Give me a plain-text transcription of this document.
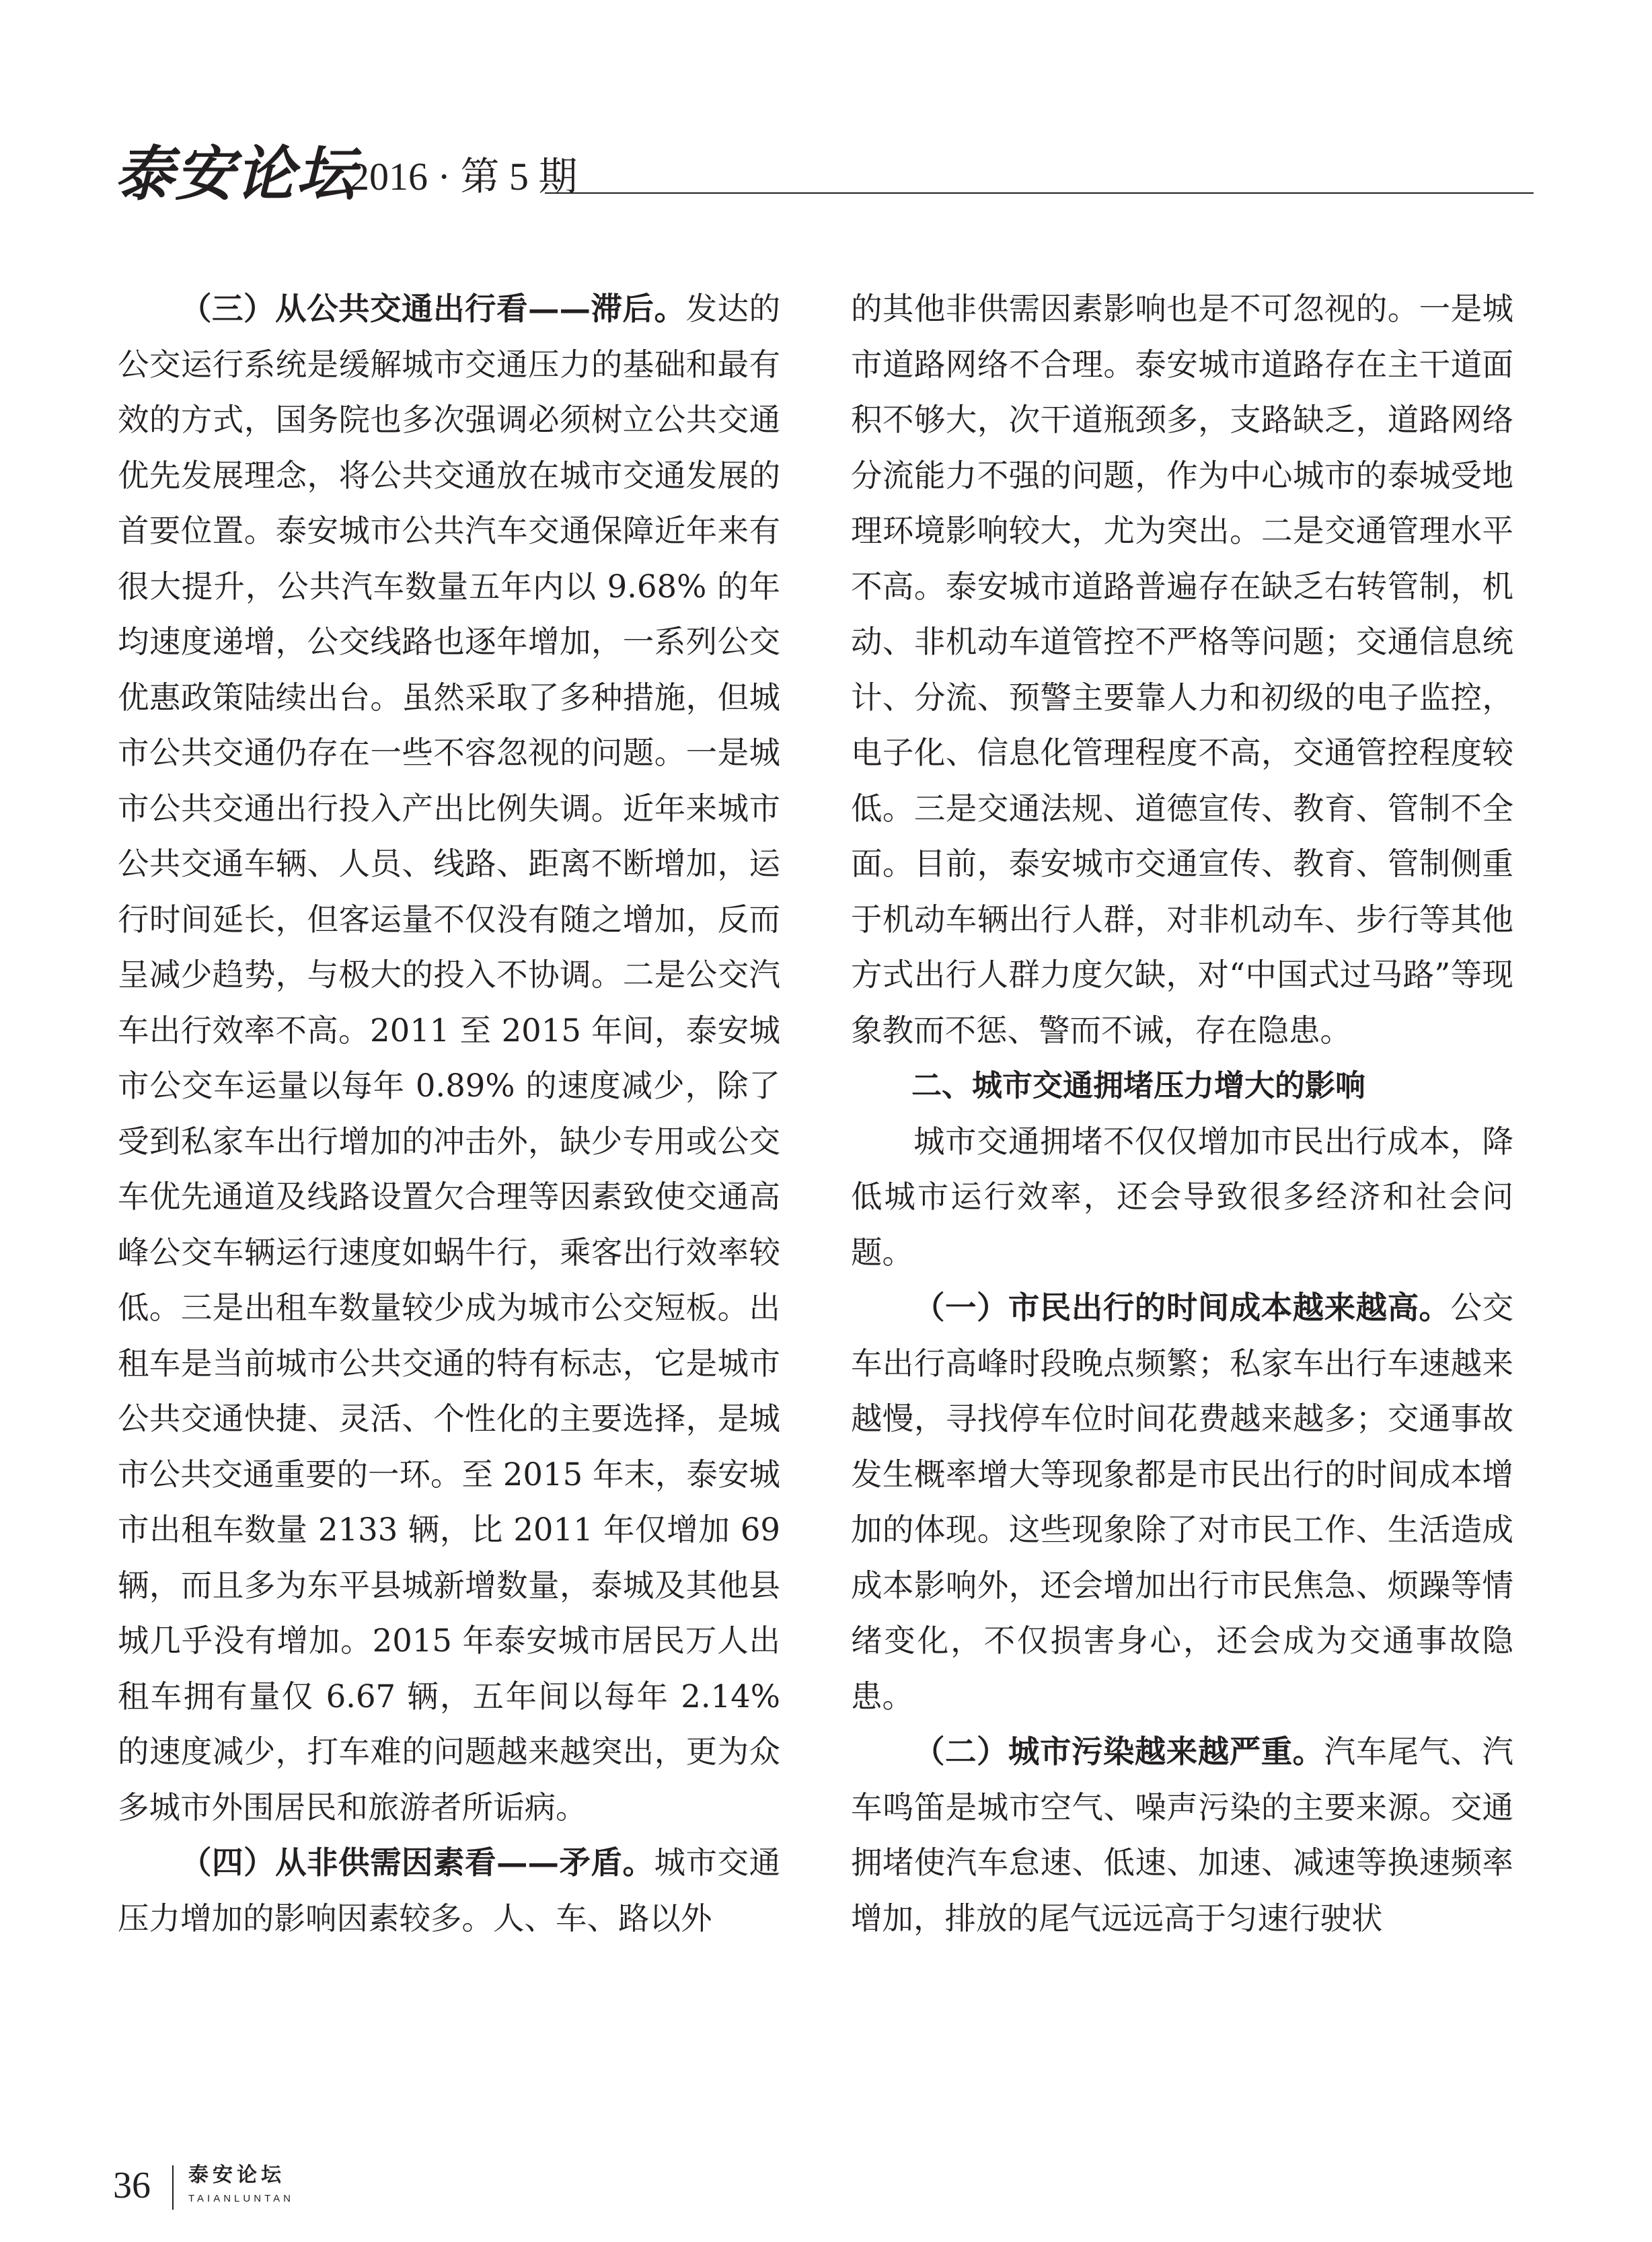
泰安论坛
2016 · 第 5 期

（三）从公共交通出行看——滞后。发达的公交运行系统是缓解城市交通压力的基础和最有效的方式，国务院也多次强调必须树立公共交通优先发展理念，将公共交通放在城市交通发展的首要位置。泰安城市公共汽车交通保障近年来有很大提升，公共汽车数量五年内以 9.68% 的年均速度递增，公交线路也逐年增加，一系列公交优惠政策陆续出台。虽然采取了多种措施，但城市公共交通仍存在一些不容忽视的问题。一是城市公共交通出行投入产出比例失调。近年来城市公共交通车辆、人员、线路、距离不断增加，运行时间延长，但客运量不仅没有随之增加，反而呈减少趋势，与极大的投入不协调。二是公交汽车出行效率不高。2011 至 2015 年间，泰安城市公交车运量以每年 0.89% 的速度减少，除了受到私家车出行增加的冲击外，缺少专用或公交车优先通道及线路设置欠合理等因素致使交通高峰公交车辆运行速度如蜗牛行，乘客出行效率较低。三是出租车数量较少成为城市公交短板。出租车是当前城市公共交通的特有标志，它是城市公共交通快捷、灵活、个性化的主要选择，是城市公共交通重要的一环。至 2015 年末，泰安城市出租车数量 2133 辆，比 2011 年仅增加 69 辆，而且多为东平县城新增数量，泰城及其他县城几乎没有增加。2015 年泰安城市居民万人出租车拥有量仅 6.67 辆，五年间以每年 2.14% 的速度减少，打车难的问题越来越突出，更为众多城市外围居民和旅游者所诟病。

（四）从非供需因素看——矛盾。城市交通压力增加的影响因素较多。人、车、路以外

的其他非供需因素影响也是不可忽视的。一是城市道路网络不合理。泰安城市道路存在主干道面积不够大，次干道瓶颈多，支路缺乏，道路网络分流能力不强的问题，作为中心城市的泰城受地理环境影响较大，尤为突出。二是交通管理水平不高。泰安城市道路普遍存在缺乏右转管制，机动、非机动车道管控不严格等问题；交通信息统计、分流、预警主要靠人力和初级的电子监控，电子化、信息化管理程度不高，交通管控程度较低。三是交通法规、道德宣传、教育、管制不全面。目前，泰安城市交通宣传、教育、管制侧重于机动车辆出行人群，对非机动车、步行等其他方式出行人群力度欠缺，对“中国式过马路”等现象教而不惩、警而不诫，存在隐患。

二、城市交通拥堵压力增大的影响

城市交通拥堵不仅仅增加市民出行成本，降低城市运行效率，还会导致很多经济和社会问题。

（一）市民出行的时间成本越来越高。公交车出行高峰时段晚点频繁；私家车出行车速越来越慢，寻找停车位时间花费越来越多；交通事故发生概率增大等现象都是市民出行的时间成本增加的体现。这些现象除了对市民工作、生活造成成本影响外，还会增加出行市民焦急、烦躁等情绪变化，不仅损害身心，还会成为交通事故隐患。

（二）城市污染越来越严重。汽车尾气、汽车鸣笛是城市空气、噪声污染的主要来源。交通拥堵使汽车怠速、低速、加速、减速等换速频率增加，排放的尾气远远高于匀速行驶状

36 泰安论坛
TAIANLUNTAN
